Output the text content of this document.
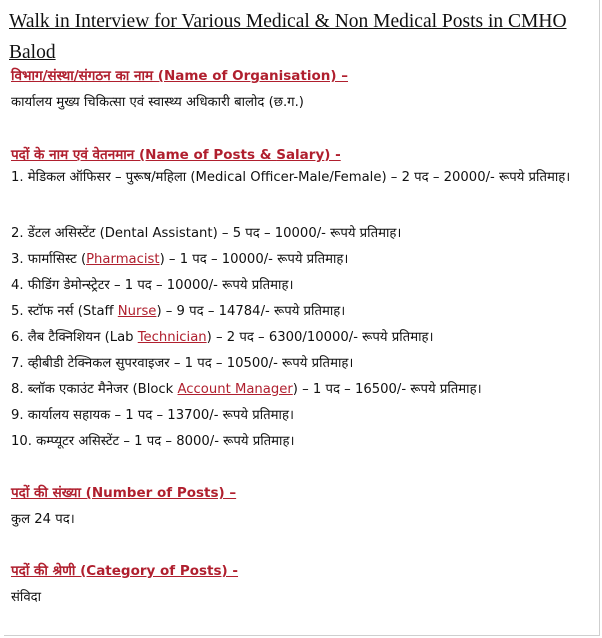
Walk in Interview for Various Medical & Non Medical Posts in CMHO Balod
विभाग/संस्था/संगठन का नाम (Name of Organisation) –
कार्यालय मुख्य चिकित्सा एवं स्वास्थ्य अधिकारी बालोद (छ.ग.)
पदों के नाम एवं वेतनमान (Name of Posts & Salary) -
1. मेडिकल ऑफिसर – पुरूष/महिला (Medical Officer-Male/Female) – 2 पद – 20000/- रूपये प्रतिमाह।
2. डेंटल असिस्टेंट (Dental Assistant) – 5 पद – 10000/- रूपये प्रतिमाह।
3. फार्मासिस्ट (Pharmacist) – 1 पद – 10000/- रूपये प्रतिमाह।
4. फीडिंग डेमोन्स्ट्रेटर – 1 पद – 10000/- रूपये प्रतिमाह।
5. स्टॉफ नर्स (Staff Nurse) – 9 पद – 14784/- रूपये प्रतिमाह।
6. लैब टैक्निशियन (Lab Technician) – 2 पद – 6300/10000/- रूपये प्रतिमाह।
7. व्हीबीडी टेक्निकल सुपरवाइजर – 1 पद – 10500/- रूपये प्रतिमाह।
8. ब्लॉक एकाउंट मैनेजर (Block Account Manager) – 1 पद – 16500/- रूपये प्रतिमाह।
9. कार्यालय सहायक – 1 पद – 13700/- रूपये प्रतिमाह।
10. कम्प्यूटर असिस्टेंट – 1 पद – 8000/- रूपये प्रतिमाह।
पदों की संख्या (Number of Posts) –
कुल 24 पद।
पदों की श्रेणी (Category of Posts) -
संविदा
